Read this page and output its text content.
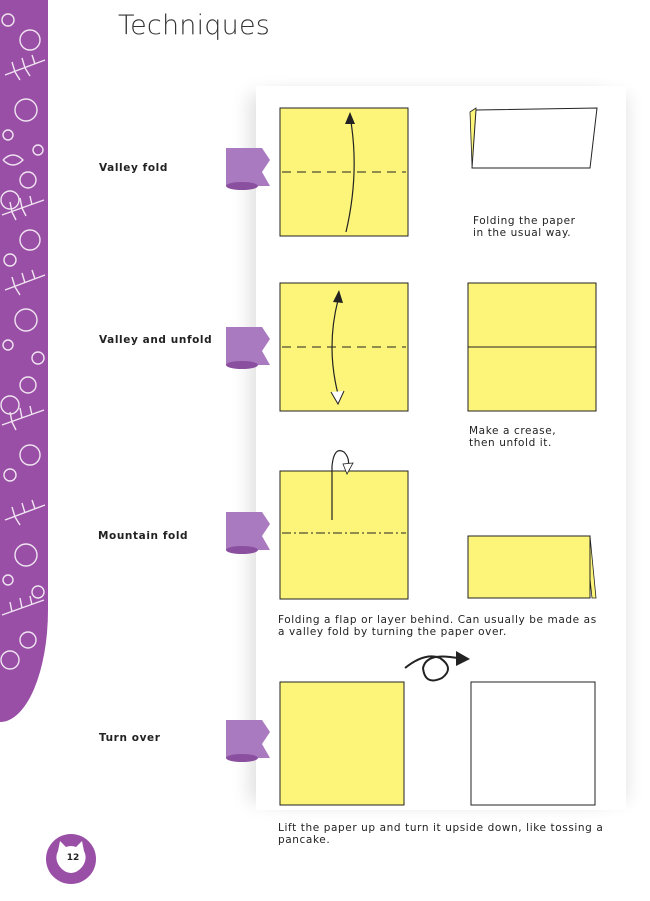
Techniques
Valley fold
Valley and unfold
Mountain fold
Turn over
Folding the paper
in the usual way.
Make a crease,
then unfold it.
Folding a flap or layer behind. Can usually be made as
a valley fold by turning the paper over.
Lift the paper up and turn it upside down, like tossing a
pancake.
12
